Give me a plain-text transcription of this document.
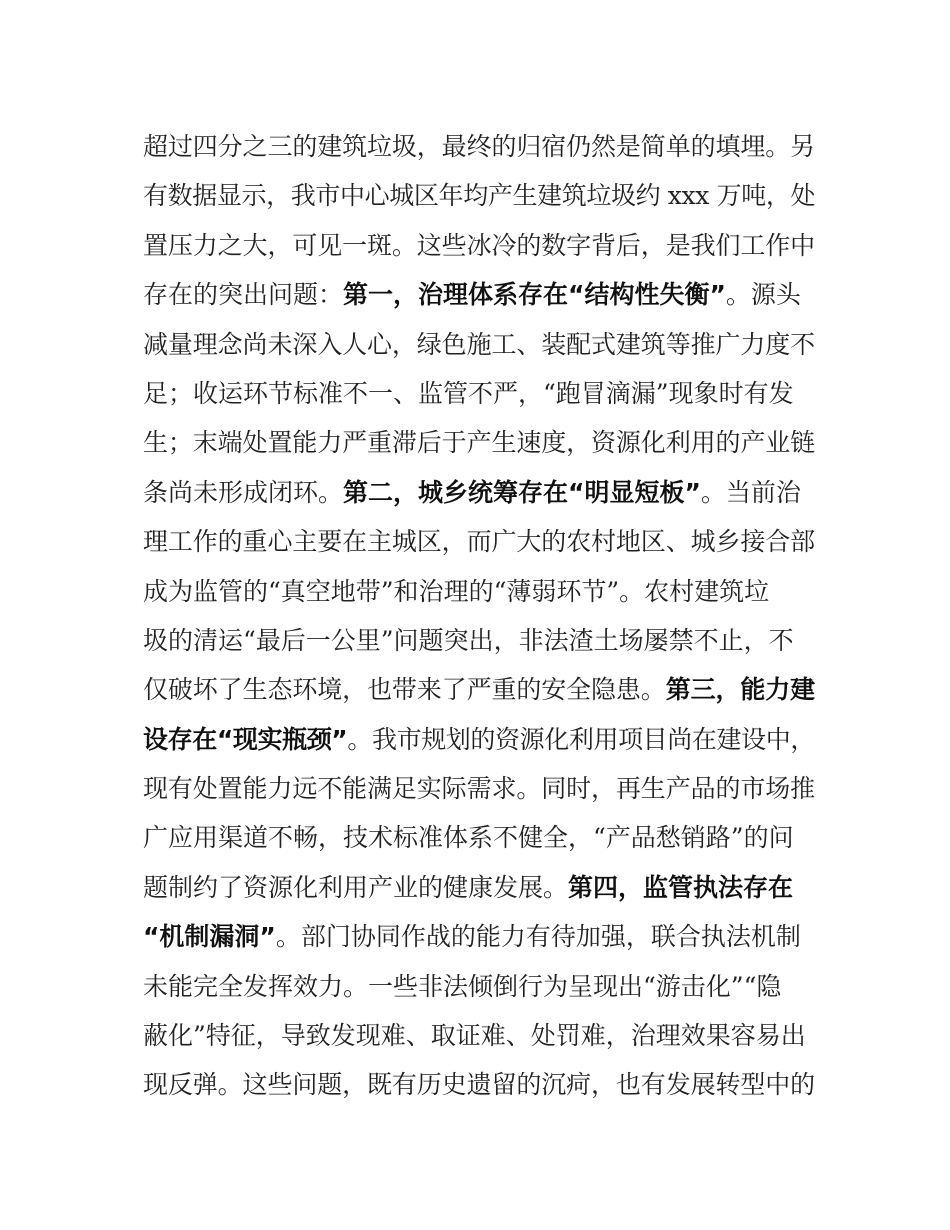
超过四分之三的建筑垃圾，最终的归宿仍然是简单的填埋。另
有数据显示，我市中心城区年均产生建筑垃圾约 xxx 万吨，处
置压力之大，可见一斑。这些冰冷的数字背后，是我们工作中
存在的突出问题：第一，治理体系存在“结构性失衡”。源头
减量理念尚未深入人心，绿色施工、装配式建筑等推广力度不
足；收运环节标准不一、监管不严，“跑冒滴漏”现象时有发
生；末端处置能力严重滞后于产生速度，资源化利用的产业链
条尚未形成闭环。第二，城乡统筹存在“明显短板”。当前治
理工作的重心主要在主城区，而广大的农村地区、城乡接合部
成为监管的“真空地带”和治理的“薄弱环节”。农村建筑垃
圾的清运“最后一公里”问题突出，非法渣土场屡禁不止，不
仅破坏了生态环境，也带来了严重的安全隐患。第三，能力建
设存在“现实瓶颈”。我市规划的资源化利用项目尚在建设中，
现有处置能力远不能满足实际需求。同时，再生产品的市场推
广应用渠道不畅，技术标准体系不健全，“产品愁销路”的问
题制约了资源化利用产业的健康发展。第四，监管执法存在
“机制漏洞”。部门协同作战的能力有待加强，联合执法机制
未能完全发挥效力。一些非法倾倒行为呈现出“游击化”“隐
蔽化”特征，导致发现难、取证难、处罚难，治理效果容易出
现反弹。这些问题，既有历史遗留的沉疴，也有发展转型中的
